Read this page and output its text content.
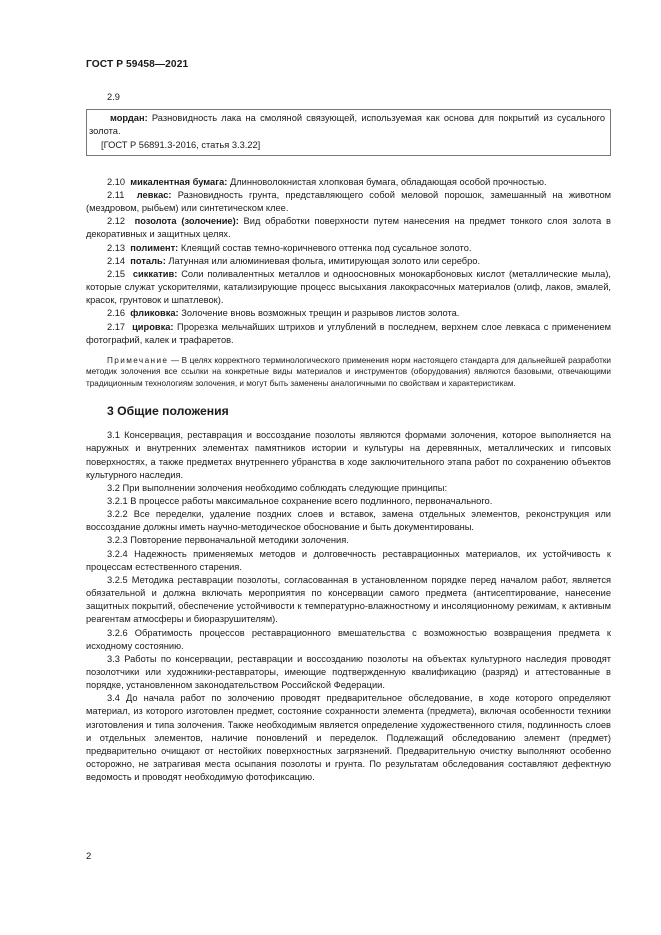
ГОСТ Р 59458—2021
2.9
мордан: Разновидность лака на смоляной связующей, используемая как основа для покрытий из сусального золота.
[ГОСТ Р 56891.3-2016, статья 3.3.22]

2.10 микалентная бумага: Длинноволокнистая хлопковая бумага, обладающая особой прочностью.

2.11 левкас: Разновидность грунта, представляющего собой меловой порошок, замешанный на животном (мездровом, рыбьем) или синтетическом клее.

2.12 позолота (золочение): Вид обработки поверхности путем нанесения на предмет тонкого слоя золота в декоративных и защитных целях.

2.13 полимент: Клеящий состав темно-коричневого оттенка под сусальное золото.

2.14 поталь: Латунная или алюминиевая фольга, имитирующая золото или серебро.

2.15 сиккатив: Соли поливалентных металлов и одноосновных монокарбоновых кислот (металлические мыла), которые служат ускорителями, катализирующие процесс высыхания лакокрасочных материалов (олиф, лаков, эмалей, красок, грунтовок и шпатлевок).

2.16 фликовка: Золочение вновь возможных трещин и разрывов листов золота.

2.17 цировка: Прорезка мельчайших штрихов и углублений в последнем, верхнем слое левкаса с применением фотографий, калек и трафаретов.

Примечание — В целях корректного терминологического применения норм настоящего стандарта для дальнейшей разработки методик золочения все ссылки на конкретные виды материалов и инструментов (оборудования) являются базовыми, отвечающими традиционным технологиям золочения, и могут быть заменены аналогичными по свойствам и характеристикам.
3 Общие положения

3.1 Консервация, реставрация и воссоздание позолоты являются формами золочения, которое выполняется на наружных и внутренних элементах памятников истории и культуры на деревянных, металлических и гипсовых поверхностях, а также предметах внутреннего убранства в ходе заключительного этапа работ по сохранению объектов культурного наследия.

3.2 При выполнении золочения необходимо соблюдать следующие принципы:

3.2.1 В процессе работы максимальное сохранение всего подлинного, первоначального.

3.2.2 Все переделки, удаление поздних слоев и вставок, замена отдельных элементов, реконструкция или воссоздание должны иметь научно-методическое обоснование и быть документированы.

3.2.3 Повторение первоначальной методики золочения.

3.2.4 Надежность применяемых методов и долговечность реставрационных материалов, их устойчивость к процессам естественного старения.

3.2.5 Методика реставрации позолоты, согласованная в установленном порядке перед началом работ, является обязательной и должна включать мероприятия по консервации самого предмета (антисептирование, нанесение защитных покрытий, обеспечение устойчивости к температурно-влажностному и инсоляционному режимам, к активным реагентам атмосферы и биоразрушителям).

3.2.6 Обратимость процессов реставрационного вмешательства с возможностью возвращения предмета к исходному состоянию.

3.3 Работы по консервации, реставрации и воссозданию позолоты на объектах культурного наследия проводят позолотчики или художники-реставраторы, имеющие подтвержденную квалификацию (разряд) и аттестованные в порядке, установленном законодательством Российской Федерации.

3.4 До начала работ по золочению проводят предварительное обследование, в ходе которого определяют материал, из которого изготовлен предмет, состояние сохранности элемента (предмета), включая особенности техники изготовления и типа золочения. Также необходимым является определение художественного стиля, подлинность слоев и отдельных элементов, наличие поновлений и переделок. Подлежащий обследованию элемент (предмет) предварительно очищают от нестойких поверхностных загрязнений. Предварительную очистку выполняют особенно осторожно, не затрагивая места осыпания позолоты и грунта. По результатам обследования составляют дефектную ведомость и проводят необходимую фотофиксацию.

2
